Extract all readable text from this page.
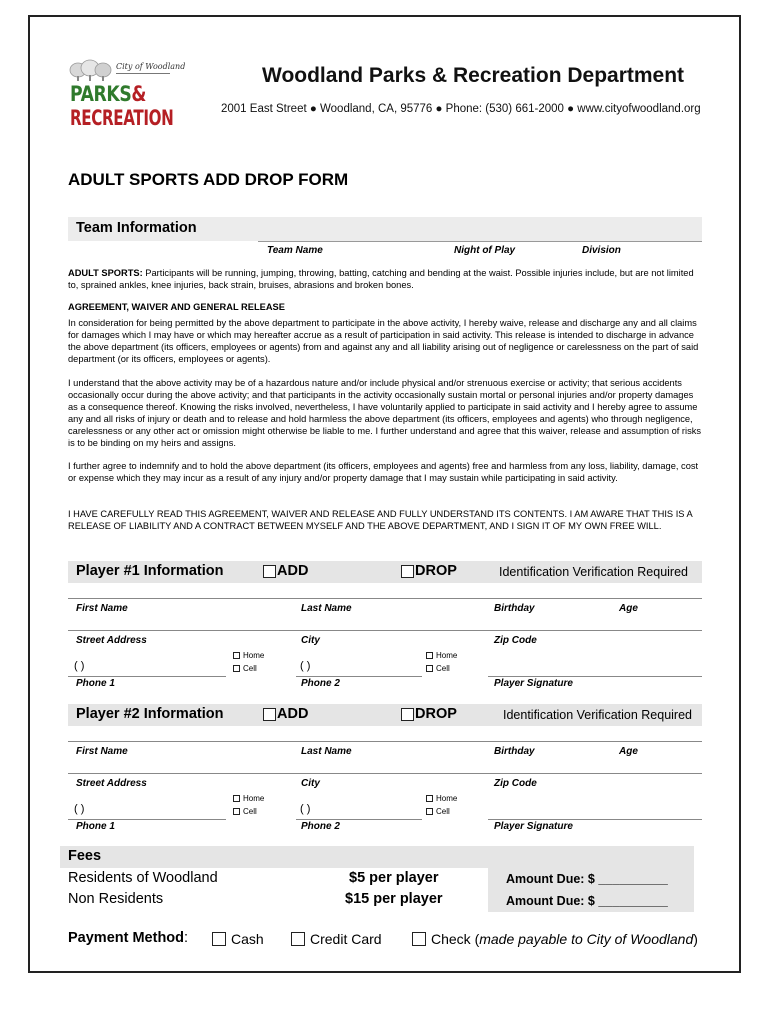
City of Woodland
PARKS&
RECREATION
Woodland Parks & Recreation Department
2001 East Street ● Woodland, CA, 95776 ● Phone: (530) 661-2000 ● www.cityofwoodland.org
ADULT SPORTS ADD DROP FORM
Team Information
Team Name	Night of Play	Division

ADULT SPORTS: Participants will be running, jumping, throwing, batting, catching and bending at the waist. Possible injuries include, but are not limited to, sprained ankles, knee injuries, back strain, bruises, abrasions and broken bones.

AGREEMENT, WAIVER AND GENERAL RELEASE

In consideration for being permitted by the above department to participate in the above activity, I hereby waive, release and discharge any and all claims for damages which I may have or which may hereafter accrue as a result of participation in said activity. This release is intended to discharge in advance the above department (its officers, employees or agents) from and against any and all liability arising out of negligence or carelessness on the part of said department (or its officers, employees or agents).

I understand that the above activity may be of a hazardous nature and/or include physical and/or strenuous exercise or activity; that serious accidents occasionally occur during the above activity; and that participants in the activity occasionally sustain mortal or personal injuries and/or property damages as a consequence thereof. Knowing the risks involved, nevertheless, I have voluntarily applied to participate in said activity and I hereby agree to assume any and all risks of injury or death and to release and hold harmless the above department (its officers, employees and agents) who through negligence, carelessness or any other act or omission might otherwise be liable to me. I further understand and agree that this waiver, release and assumption of risks is to be binding on my heirs and assigns.

I further agree to indemnify and to hold the above department (its officers, employees and agents) free and harmless from any loss, liability, damage, cost or expense which they may incur as a result of any injury and/or property damage that I may sustain while participating in said activity.

I HAVE CAREFULLY READ THIS AGREEMENT, WAIVER AND RELEASE AND FULLY UNDERSTAND ITS CONTENTS. I AM AWARE THAT THIS IS A RELEASE OF LIABILITY AND A CONTRACT BETWEEN MYSELF AND THE ABOVE DEPARTMENT, AND I SIGN IT OF MY OWN FREE WILL.

Player #1 Information	ADD	DROP	Identification Verification Required
First Name	Last Name	Birthday	Age
Street Address	City	Zip Code
Home
Cell
Home
Cell
( )	( )
Phone 1	Phone 2	Player Signature
Player #2 Information	ADD	DROP	Identification Verification Required
First Name	Last Name	Birthday	Age
Street Address	City	Zip Code
Home
Cell
Home
Cell
( )	( )
Phone 1	Phone 2	Player Signature
Fees
Residents of Woodland	$5 per player	Amount Due: $ __________
Non Residents	$15 per player	Amount Due: $ __________
Payment Method:	Cash	Credit Card	Check ( made payable to City of Woodland )
